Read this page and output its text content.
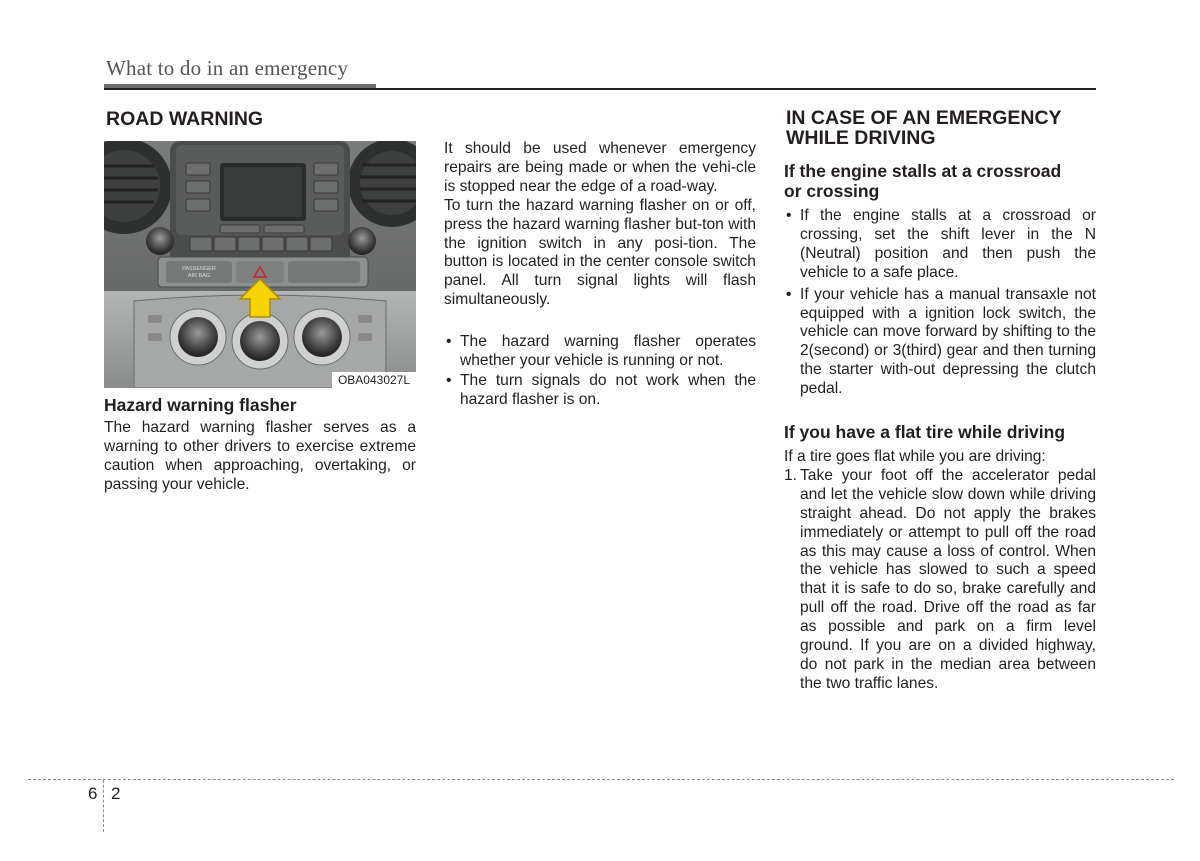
What to do in an emergency
ROAD WARNING
PASSENGER
AIR BAG
OBA043027L
Hazard warning flasher

The hazard warning flasher serves as a warning to other drivers to exercise extreme caution when approaching, overtaking, or passing your vehicle.

It should be used whenever emergency repairs are being made or when the vehi-cle is stopped near the edge of a road-way.

To turn the hazard warning flasher on or off, press the hazard warning flasher but-ton with the ignition switch in any posi-tion. The button is located in the center console switch panel. All turn signal lights will flash simultaneously.

• The hazard warning flasher operates whether your vehicle is running or not.
• The turn signals do not work when the hazard flasher is on.
IN CASE OF AN EMERGENCY
WHILE DRIVING
If the engine stalls at a crossroad
or crossing
• If the engine stalls at a crossroad or crossing, set the shift lever in the N (Neutral) position and then push the vehicle to a safe place.
• If your vehicle has a manual transaxle not equipped with a ignition lock switch, the vehicle can move forward by shifting to the 2(second) or 3(third) gear and then turning the starter with-out depressing the clutch pedal.
If you have a flat tire while driving

If a tire goes flat while you are driving:

1. Take your foot off the accelerator pedal and let the vehicle slow down while driving straight ahead. Do not apply the brakes immediately or attempt to pull off the road as this may cause a loss of control. When the vehicle has slowed to such a speed that it is safe to do so, brake carefully and pull off the road. Drive off the road as far as possible and park on a firm level ground. If you are on a divided highway, do not park in the median area between the two traffic lanes.
6 2
